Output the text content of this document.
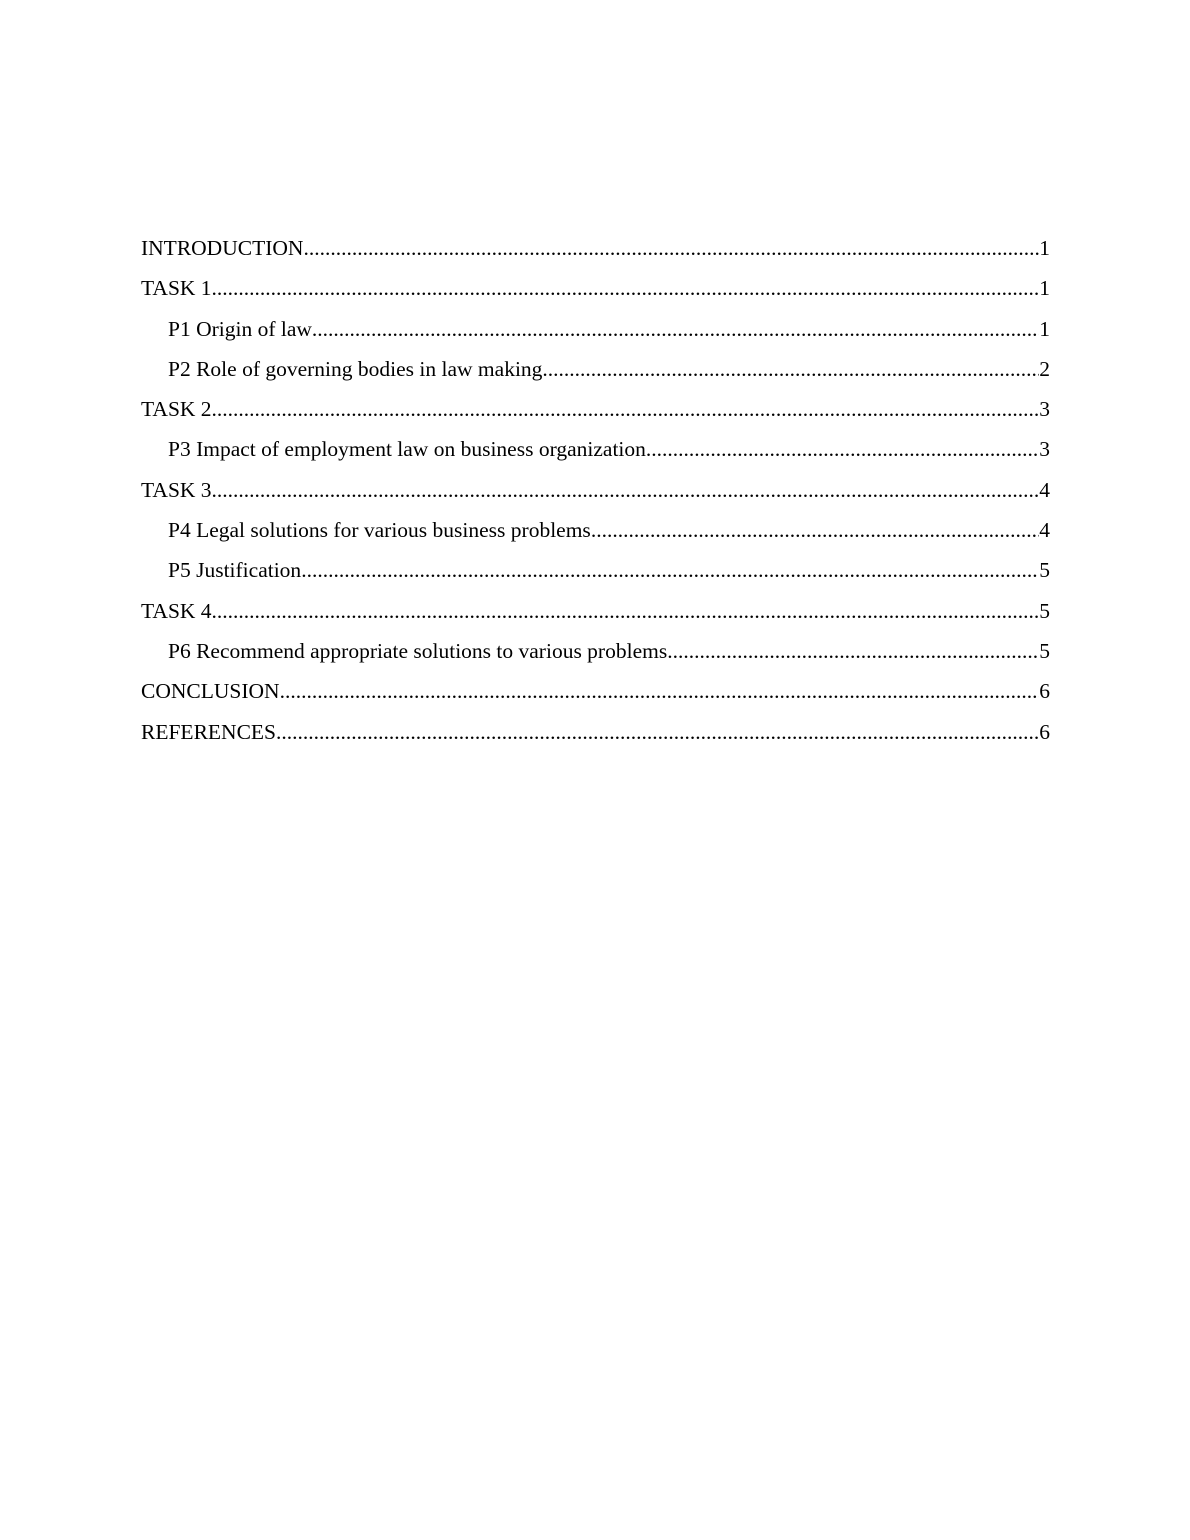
INTRODUCTION .....	1
TASK 1 .....	1
P1 Origin of law .....	1
P2 Role of governing bodies in law making .....	2
TASK 2 .....	3
P3 Impact of employment law on business organization .....	3
TASK 3 .....	4
P4 Legal solutions for various business problems .....	4
P5 Justification .....	5
TASK 4 .....	5
P6 Recommend appropriate solutions to various problems .....	5
CONCLUSION .....	6
REFERENCES .....	6
